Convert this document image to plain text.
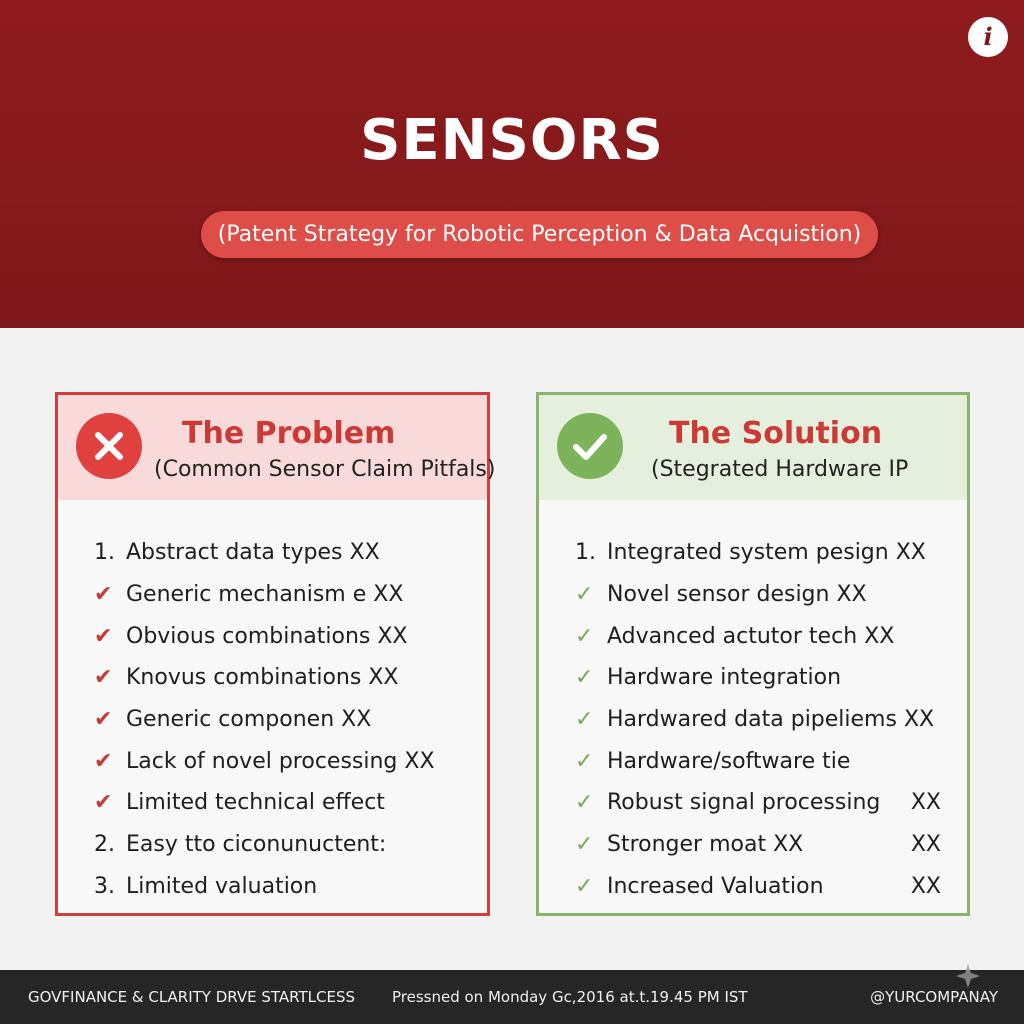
i
SENSORS
(Patent Strategy for Robotic Perception & Data Acquistion)
The Problem
(Common Sensor Claim Pitfals)
1. Abstract data types XX
✔ Generic mechanism e XX
✔ Obvious combinations XX
✔ Knovus combinations XX
✔ Generic componen XX
✔ Lack of novel processing XX
✔ Limited technical effect
2. Easy tto ciconunuctent:
3. Limited valuation
The Solution
(Stegrated Hardware IP
1. Integrated system pesign XX
✓ Novel sensor design XX
✓ Advanced actutor tech XX
✓ Hardware integration
✓ Hardwared data pipeliems XX
✓ Hardware/software tie
✓ Robust signal processing XX
✓ Stronger moat XX	XX
✓ Increased Valuation	XX
GOVFINANCE & CLARITY DRVE STARTLCESS Pressned on Monday Gc,2016 at.t.19.45 PM IST	@YURCOMPANAY
